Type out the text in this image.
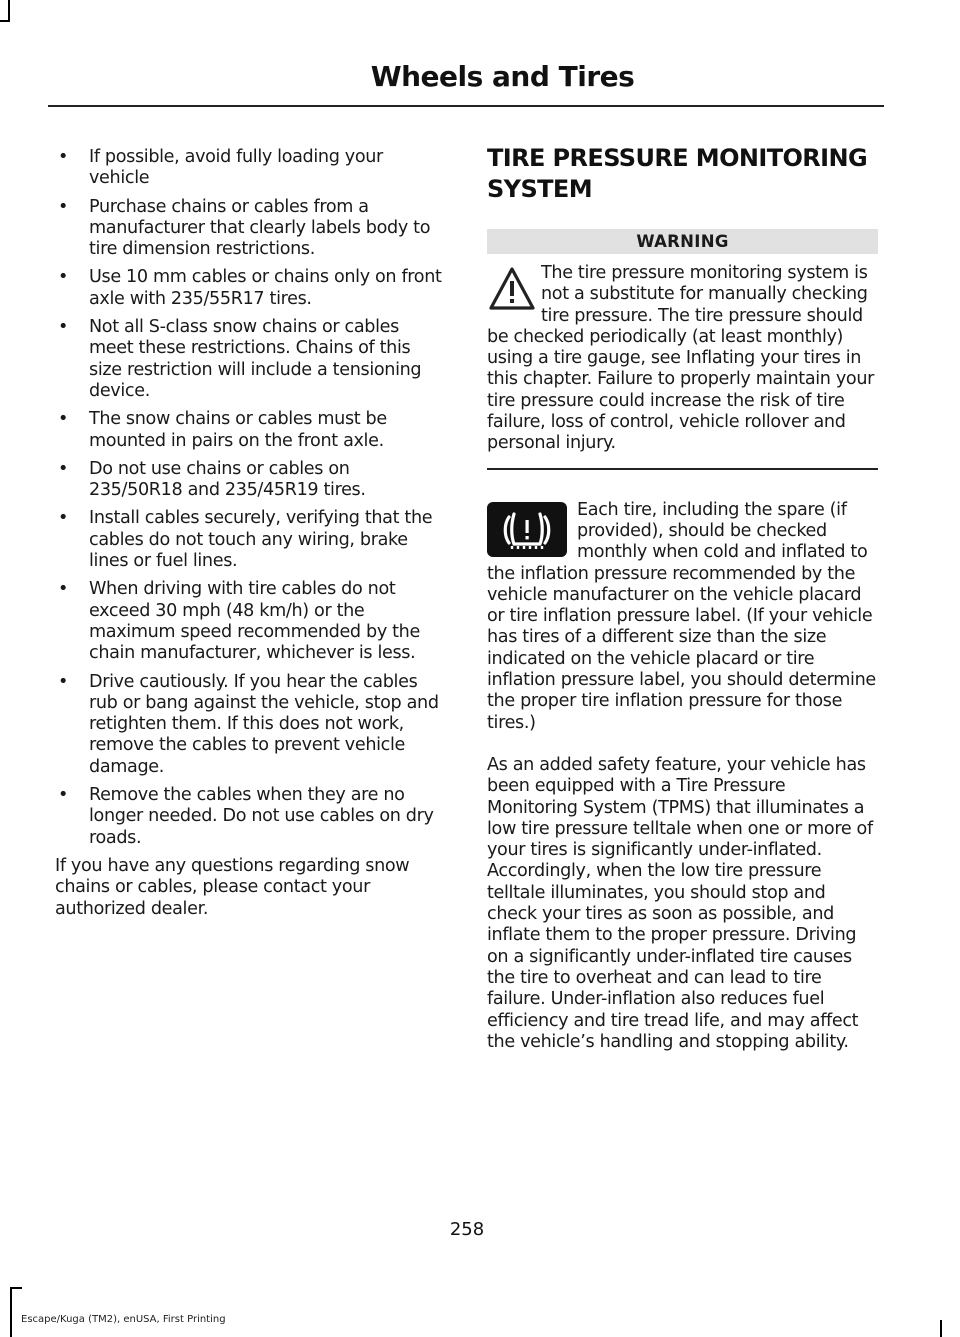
Wheels and Tires
• If possible, avoid fully loading your vehicle
• Purchase chains or cables from a manufacturer that clearly labels body to tire dimension restrictions.
• Use 10 mm cables or chains only on front axle with 235/55R17 tires.
• Not all S-class snow chains or cables meet these restrictions. Chains of this size restriction will include a tensioning device.
• The snow chains or cables must be mounted in pairs on the front axle.
• Do not use chains or cables on 235/50R18 and 235/45R19 tires.
• Install cables securely, verifying that the cables do not touch any wiring, brake lines or fuel lines.
• When driving with tire cables do not exceed 30 mph (48 km/h) or the maximum speed recommended by the chain manufacturer, whichever is less.
• Drive cautiously. If you hear the cables rub or bang against the vehicle, stop and retighten them. If this does not work, remove the cables to prevent vehicle damage.
• Remove the cables when they are no longer needed. Do not use cables on dry roads.

If you have any questions regarding snow chains or cables, please contact your authorized dealer.

TIRE PRESSURE MONITORING
SYSTEM
WARNING
The tire pressure monitoring system is not a substitute for manually checking tire pressure. The tire pressure should be checked periodically (at least monthly) using a tire gauge, see Inflating your tires in this chapter. Failure to properly maintain your tire pressure could increase the risk of tire failure, loss of control, vehicle rollover and personal injury.
Each tire, including the spare (if provided), should be checked monthly when cold and inflated to the inflation pressure recommended by the vehicle manufacturer on the vehicle placard or tire inflation pressure label. (If your vehicle has tires of a different size than the size indicated on the vehicle placard or tire inflation pressure label, you should determine the proper tire inflation pressure for those tires.)

As an added safety feature, your vehicle has been equipped with a Tire Pressure Monitoring System (TPMS) that illuminates a low tire pressure telltale when one or more of your tires is significantly under-inflated. Accordingly, when the low tire pressure telltale illuminates, you should stop and check your tires as soon as possible, and inflate them to the proper pressure. Driving on a significantly under-inflated tire causes the tire to overheat and can lead to tire failure. Under-inflation also reduces fuel efficiency and tire tread life, and may affect the vehicle’s handling and stopping ability.

258
Escape/Kuga (TM2), enUSA, First Printing
